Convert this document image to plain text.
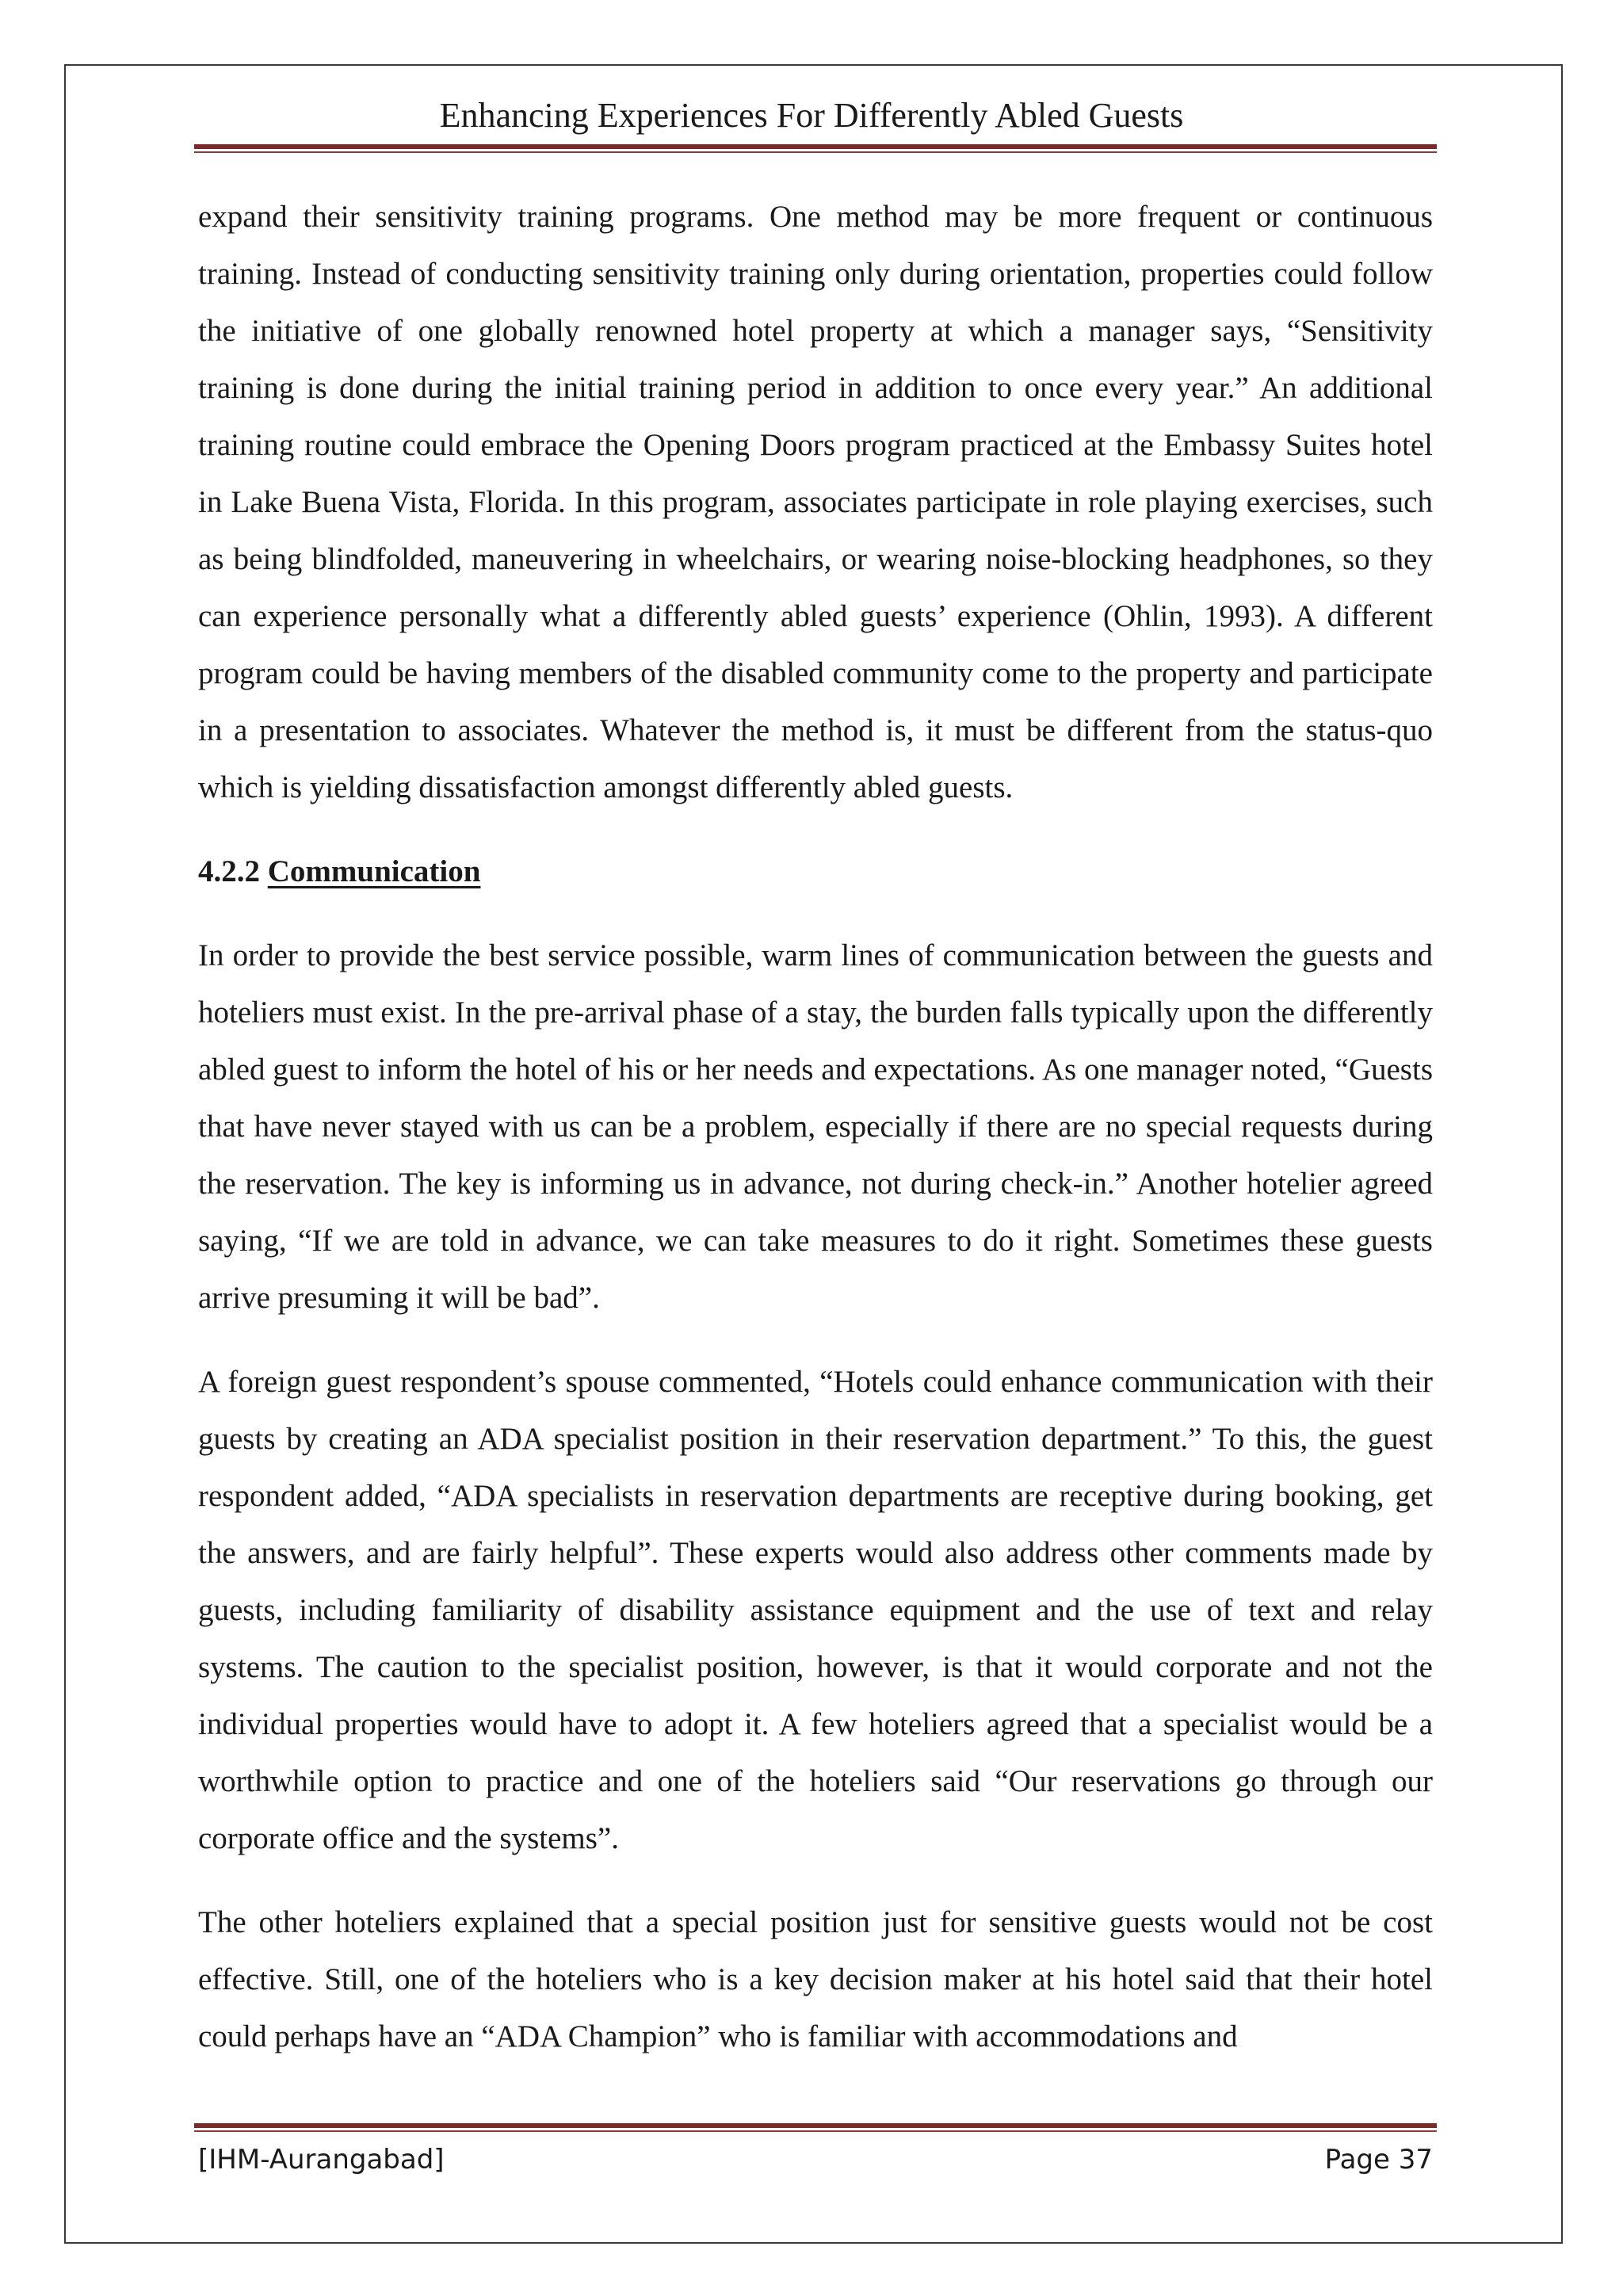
Enhancing Experiences For Differently Abled Guests

expand their sensitivity training programs. One method may be more frequent or continuous training. Instead of conducting sensitivity training only during orientation, properties could follow the initiative of one globally renowned hotel property at which a manager says, “Sensitivity training is done during the initial training period in addition to once every year.” An additional training routine could embrace the Opening Doors program practiced at the Embassy Suites hotel in Lake Buena Vista, Florida. In this program, associates participate in role playing exercises, such as being blindfolded, maneuvering in wheelchairs, or wearing noise-blocking headphones, so they can experience personally what a differently abled guests’ experience (Ohlin, 1993). A different program could be having members of the disabled community come to the property and participate in a presentation to associates. Whatever the method is, it must be different from the status-quo which is yielding dissatisfaction amongst differently abled guests.

4.2.2 Communication

In order to provide the best service possible, warm lines of communication between the guests and hoteliers must exist. In the pre-arrival phase of a stay, the burden falls typically upon the differently abled guest to inform the hotel of his or her needs and expectations. As one manager noted, “Guests that have never stayed with us can be a problem, especially if there are no special requests during the reservation. The key is informing us in advance, not during check-in.” Another hotelier agreed saying, “If we are told in advance, we can take measures to do it right. Sometimes these guests arrive presuming it will be bad”.

A foreign guest respondent’s spouse commented, “Hotels could enhance communication with their guests by creating an ADA specialist position in their reservation department.” To this, the guest respondent added, “ADA specialists in reservation departments are receptive during booking, get the answers, and are fairly helpful”. These experts would also address other comments made by guests, including familiarity of disability assistance equipment and the use of text and relay systems. The caution to the specialist position, however, is that it would corporate and not the individual properties would have to adopt it. A few hoteliers agreed that a specialist would be a worthwhile option to practice and one of the hoteliers said “Our reservations go through our corporate office and the systems”.

The other hoteliers explained that a special position just for sensitive guests would not be cost effective. Still, one of the hoteliers who is a key decision maker at his hotel said that their hotel could perhaps have an “ADA Champion” who is familiar with accommodations and

[IHM-Aurangabad]	Page 37
